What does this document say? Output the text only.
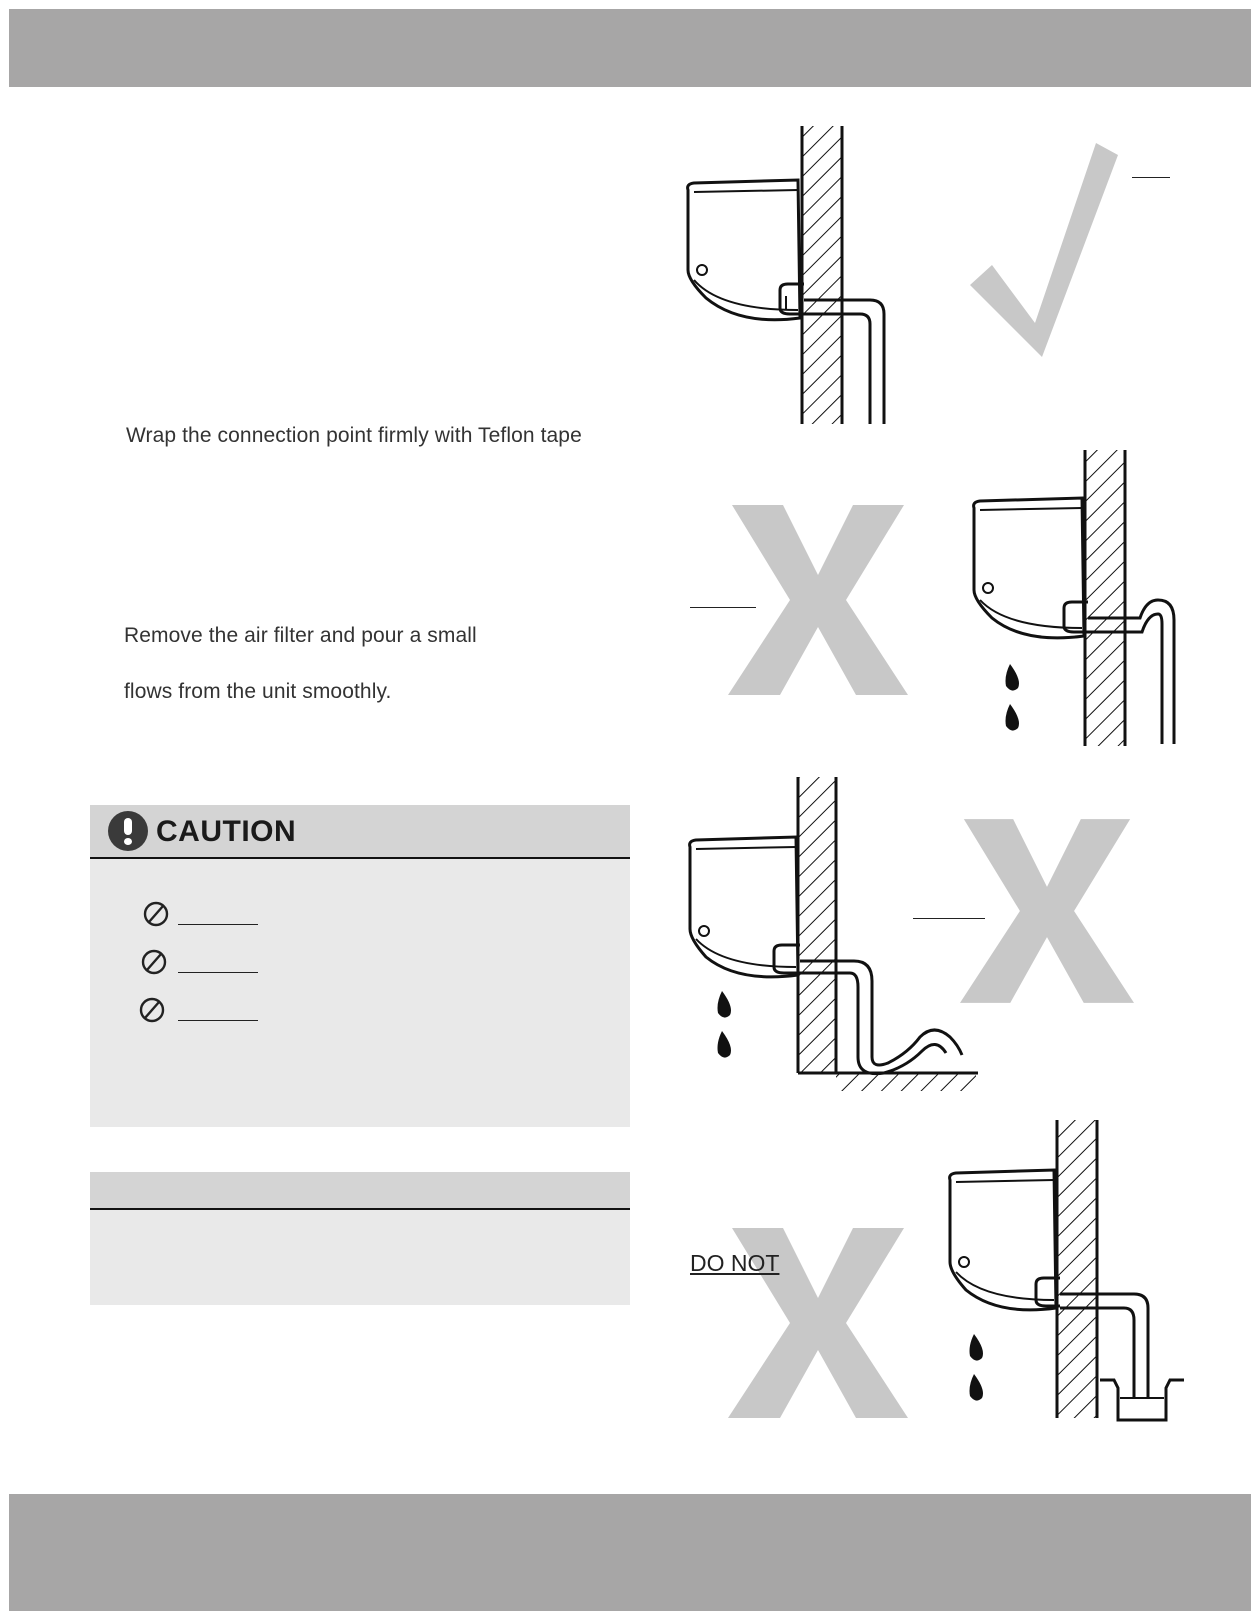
Wrap the connection point firmly with Teflon tape
Remove the air filter and pour a small
flows from the unit smoothly.
CAUTION
DO NOT
